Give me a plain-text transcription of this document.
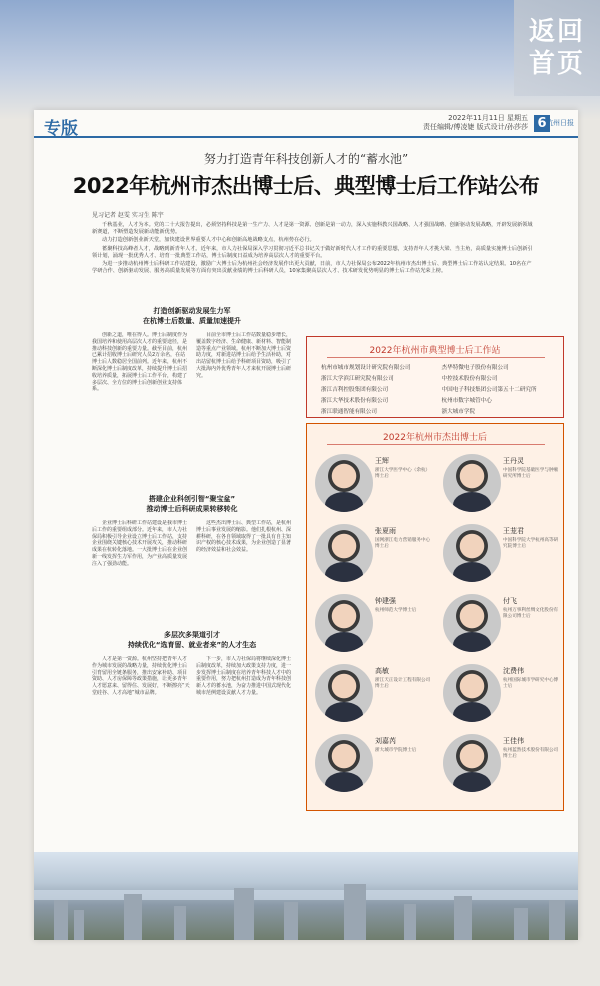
返回
首页
专版
2022年11月11日 星期五
责任编辑/傅凌婕 版式设计/孙莎莎 6 杭州日报
努力打造青年科技创新人才的“蓄水池”
2022年杭州市杰出博士后、典型博士后工作站公布
见习记者 赵雯 实习生 陈宇

千秋基业，人才为本。党的二十大报告提出，必须坚持科技是第一生产力、人才是第一资源、创新是第一动力，深入实施科教兴国战略、人才强国战略、创新驱动发展战略，开辟发展新领域新赛道，不断塑造发展新动能新优势。

动力打造创新创业新天堂，加快建设世界重要人才中心和创新高地战略支点，杭州势在必行。

蓄聚科技高峰者人才，战略到新青年人才。近年来，市人力社保局深入学习贯彻习近平总书记关于做好新时代人才工作的重要思想，支持青年人才挑大梁、当主角，高质量实施博士后创新引领计划，涌现一批优秀人才、培育一批典型工作站，博士后制度日益成为培养高层次人才的重要平台。

为进一步推动杭州博士后科研工作站建设，激励广大博士后为杭州社会经济发展作出更大贡献，日前，市人力社保局公布2022年杭州市杰出博士后、典型博士后工作站认定结果。10名在产学研合作、创新驱动发展、服务高质量发展等方面有突出贡献业绩的博士后科研人员，10家集聚高层次人才、技术研发优势明显的博士后工作站光荣上榜。

打造创新驱动发展生力军
在杭博士后数量、质量加速提升

创新之道，唯在得人。博士后制度作为我国培养和使用高层次人才的重要途径，是推动科技创新的重要力量。截至目前，杭州已累计招收博士后研究人员2万余名，在站博士后人数稳居全国前列。近年来，杭州不断深化博士后制度改革，持续提升博士后招收培养质量，拓展博士后工作平台，构建了多层次、全方位的博士后创新创业支持体系。

目前全市博士后工作站数量稳步增长，覆盖数字经济、生命健康、新材料、智能制造等重点产业领域。杭州不断加大博士后资助力度，对新进站博士后给予生活补助，对出站留杭博士后给予科研项目资助，吸引了大批海内外优秀青年人才来杭开展博士后研究。

搭建企业科创引智“聚宝盆”
推动博士后科研成果转移转化

企业博士后科研工作站建设是我市博士后工作的重要组成部分。近年来，市人力社保局积极引导企业设立博士后工作站，支持企业围绕关键核心技术开展攻关，推动科研成果在杭转化落地。一大批博士后在企业创新一线发挥生力军作用，为产业高质量发展注入了强劲动能。

这些杰出博士后、典型工作站，是杭州博士后事业发展的缩影。他们扎根杭州、深耕科研，在各自领域取得了一批具有自主知识产权的核心技术成果，为企业创造了显著的经济效益和社会效益。

多层次多渠道引才
持续优化“选育留、就业者来”的人才生态

人才是第一资源。杭州坚持把青年人才作为城市发展的战略力量，持续优化博士后引育留用全链条服务，推出安家补助、项目资助、人才房保障等政策措施，让更多青年人才愿意来、留得住、发展好，不断擦亮“天堂硅谷、人才高地”城市品牌。

下一步，市人力社保局将继续深化博士后制度改革，持续加大政策支持力度，进一步发挥博士后制度在培养青年科技人才中的重要作用，努力把杭州打造成为青年科技创新人才的蓄水池，为奋力推进中国式现代化城市范例建设贡献人才力量。

2022年杭州市典型博士后工作站
杭州市城市规划设计研究院有限公司	杰华特微电子股份有限公司
浙江大学滨江研究院有限公司	中控技术股份有限公司
浙江吉利控股集团有限公司	中国电子科技集团公司第五十二研究所
浙江大华技术股份有限公司	杭州市数字城管中心
浙江联通智能有限公司	浙大城市学院
2022年杭州市杰出博士后
王辉
浙江大学医学中心（余杭）博士后
王丹灵
中国科学院基础医学与肿瘤研究所博士后
张夏雨
国网浙江电力营销服务中心博士后
王茏君
中国科学院大学杭州高等研究院博士后
钟建强
杭州师范大学博士后
付飞
杭州万事利丝绸文化股份有限公司博士后
高敏
浙江天正设计工程有限公司博士后
沈费伟
杭州国际城市学研究中心博士后
刘嘉芮
浙大城市学院博士后
王佳伟
杭州蓝然技术股份有限公司博士后
